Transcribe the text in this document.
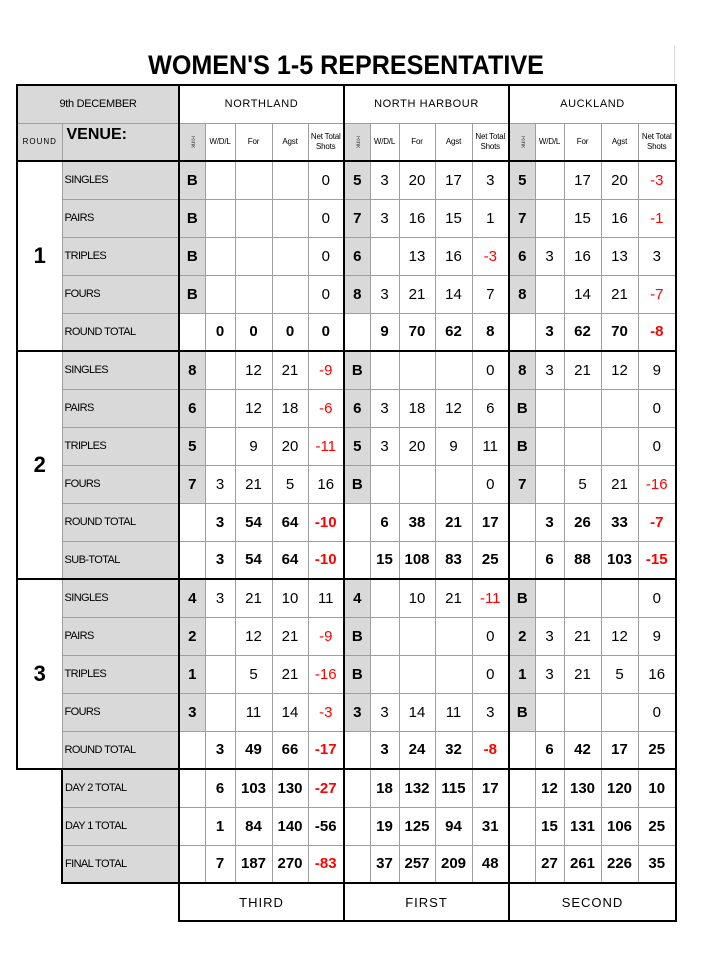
WOMEN'S 1-5 REPRESENTATIVE
9th DECEMBER		NORTHLAND					NORTH HARBOUR					AUCKLAND				
ROUND	VENUE:	Rink	W/D/L	For	Agst	Net Total Shots	Rink	W/D/L	For	Agst	Net Total Shots	Rink	W/D/L	For	Agst	Net Total Shots
1	SINGLES	B				0	5	3	20	17	3	5		17	20	-3
	PAIRS	B				0	7	3	16	15	1	7		15	16	-1
	TRIPLES	B				0	6		13	16	-3	6	3	16	13	3
	FOURS	B				0	8	3	21	14	7	8		14	21	-7
	ROUND TOTAL		0	0	0	0		9	70	62	8		3	62	70	-8
2	SINGLES	8		12	21	-9	B				0	8	3	21	12	9
	PAIRS	6		12	18	-6	6	3	18	12	6	B				0
	TRIPLES	5		9	20	-11	5	3	20	9	11	B				0
	FOURS	7	3	21	5	16	B				0	7		5	21	-16
	ROUND TOTAL		3	54	64	-10		6	38	21	17		3	26	33	-7
	SUB-TOTAL		3	54	64	-10		15	108	83	25		6	88	103	-15
3	SINGLES	4	3	21	10	11	4		10	21	-11	B				0
	PAIRS	2		12	21	-9	B				0	2	3	21	12	9
	TRIPLES	1		5	21	-16	B				0	1	3	21	5	16
	FOURS	3		11	14	-3	3	3	14	11	3	B				0
	ROUND TOTAL		3	49	66	-17		3	24	32	-8		6	42	17	25
	DAY 2 TOTAL		6	103	130	-27		18	132	115	17		12	130	120	10
	DAY 1 TOTAL		1	84	140	-56		19	125	94	31		15	131	106	25
	FINAL TOTAL		7	187	270	-83		37	257	209	48		27	261	226	35
		THIRD					FIRST					SECOND				
